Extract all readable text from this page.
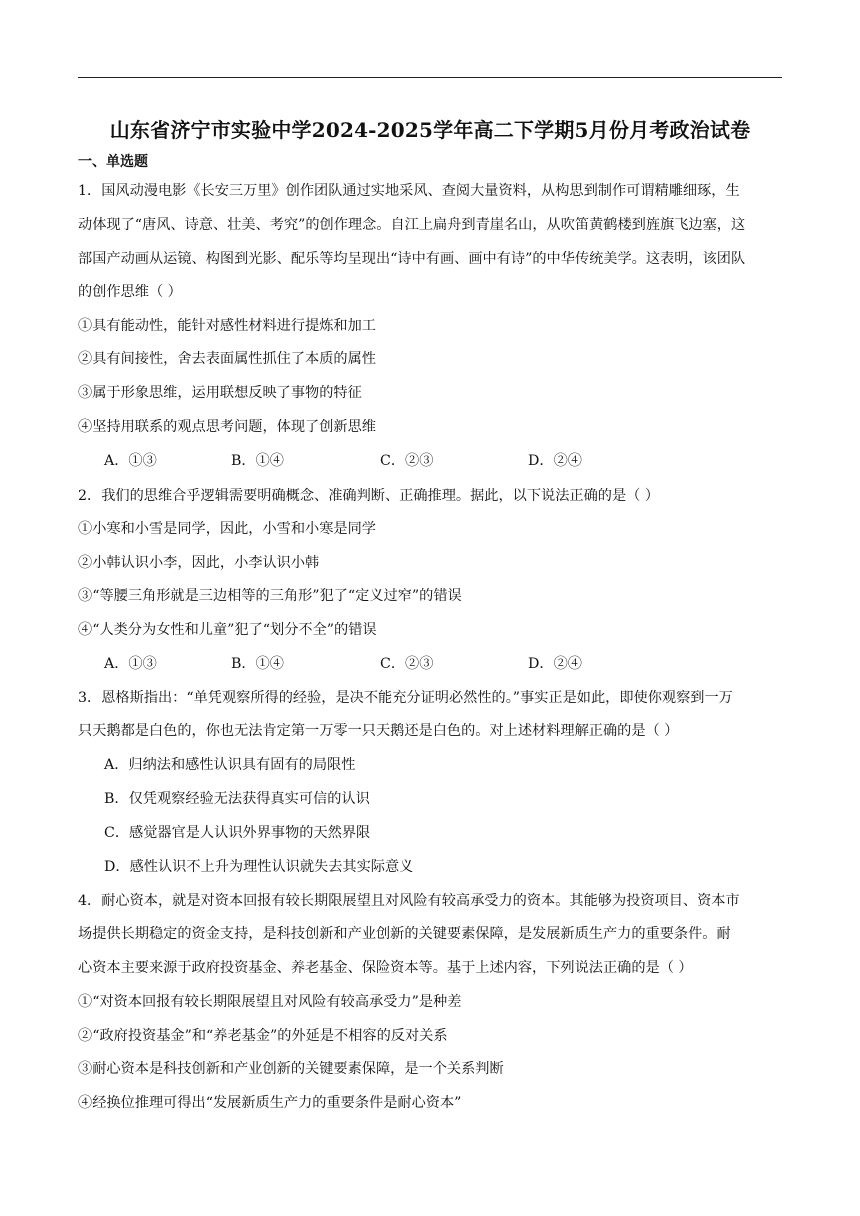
山东省济宁市实验中学2024-2025学年高二下学期5月份月考政治试卷
一、单选题
1．国风动漫电影《长安三万里》创作团队通过实地采风、查阅大量资料，从构思到制作可谓精雕细琢，生
动体现了“唐风、诗意、壮美、考究”的创作理念。自江上扁舟到青崖名山，从吹笛黄鹤楼到旌旗飞边塞，这
部国产动画从运镜、构图到光影、配乐等均呈现出“诗中有画、画中有诗”的中华传统美学。这表明，该团队
的创作思维（ ）
①具有能动性，能针对感性材料进行提炼和加工
②具有间接性，舍去表面属性抓住了本质的属性
③属于形象思维，运用联想反映了事物的特征
④坚持用联系的观点思考问题，体现了创新思维
A．①③	B．①④	C．②③	D．②④
2．我们的思维合乎逻辑需要明确概念、准确判断、正确推理。据此，以下说法正确的是（ ）
①小寒和小雪是同学，因此，小雪和小寒是同学
②小韩认识小李，因此，小李认识小韩
③“等腰三角形就是三边相等的三角形”犯了“定义过窄”的错误
④“人类分为女性和儿童”犯了“划分不全”的错误
A．①③	B．①④	C．②③	D．②④
3．恩格斯指出：“单凭观察所得的经验，是决不能充分证明必然性的。”事实正是如此，即使你观察到一万
只天鹅都是白色的，你也无法肯定第一万零一只天鹅还是白色的。对上述材料理解正确的是（ ）
A．归纳法和感性认识具有固有的局限性
B．仅凭观察经验无法获得真实可信的认识
C．感觉器官是人认识外界事物的天然界限
D．感性认识不上升为理性认识就失去其实际意义
4．耐心资本，就是对资本回报有较长期限展望且对风险有较高承受力的资本。其能够为投资项目、资本市
场提供长期稳定的资金支持，是科技创新和产业创新的关键要素保障，是发展新质生产力的重要条件。耐
心资本主要来源于政府投资基金、养老基金、保险资本等。基于上述内容，下列说法正确的是（ ）
①“对资本回报有较长期限展望且对风险有较高承受力”是种差
②“政府投资基金”和“养老基金”的外延是不相容的反对关系
③耐心资本是科技创新和产业创新的关键要素保障，是一个关系判断
④经换位推理可得出“发展新质生产力的重要条件是耐心资本”
